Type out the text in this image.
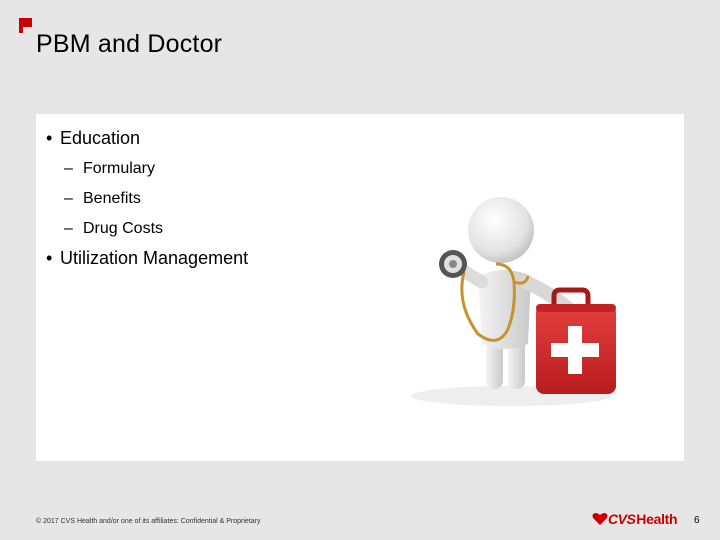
PBM and Doctor
• Education
– Formulary
– Benefits
– Drug Costs
• Utilization Management
© 2017 CVS Health and/or one of its affiliates: Confidential & Proprietary	CVS Health 6
